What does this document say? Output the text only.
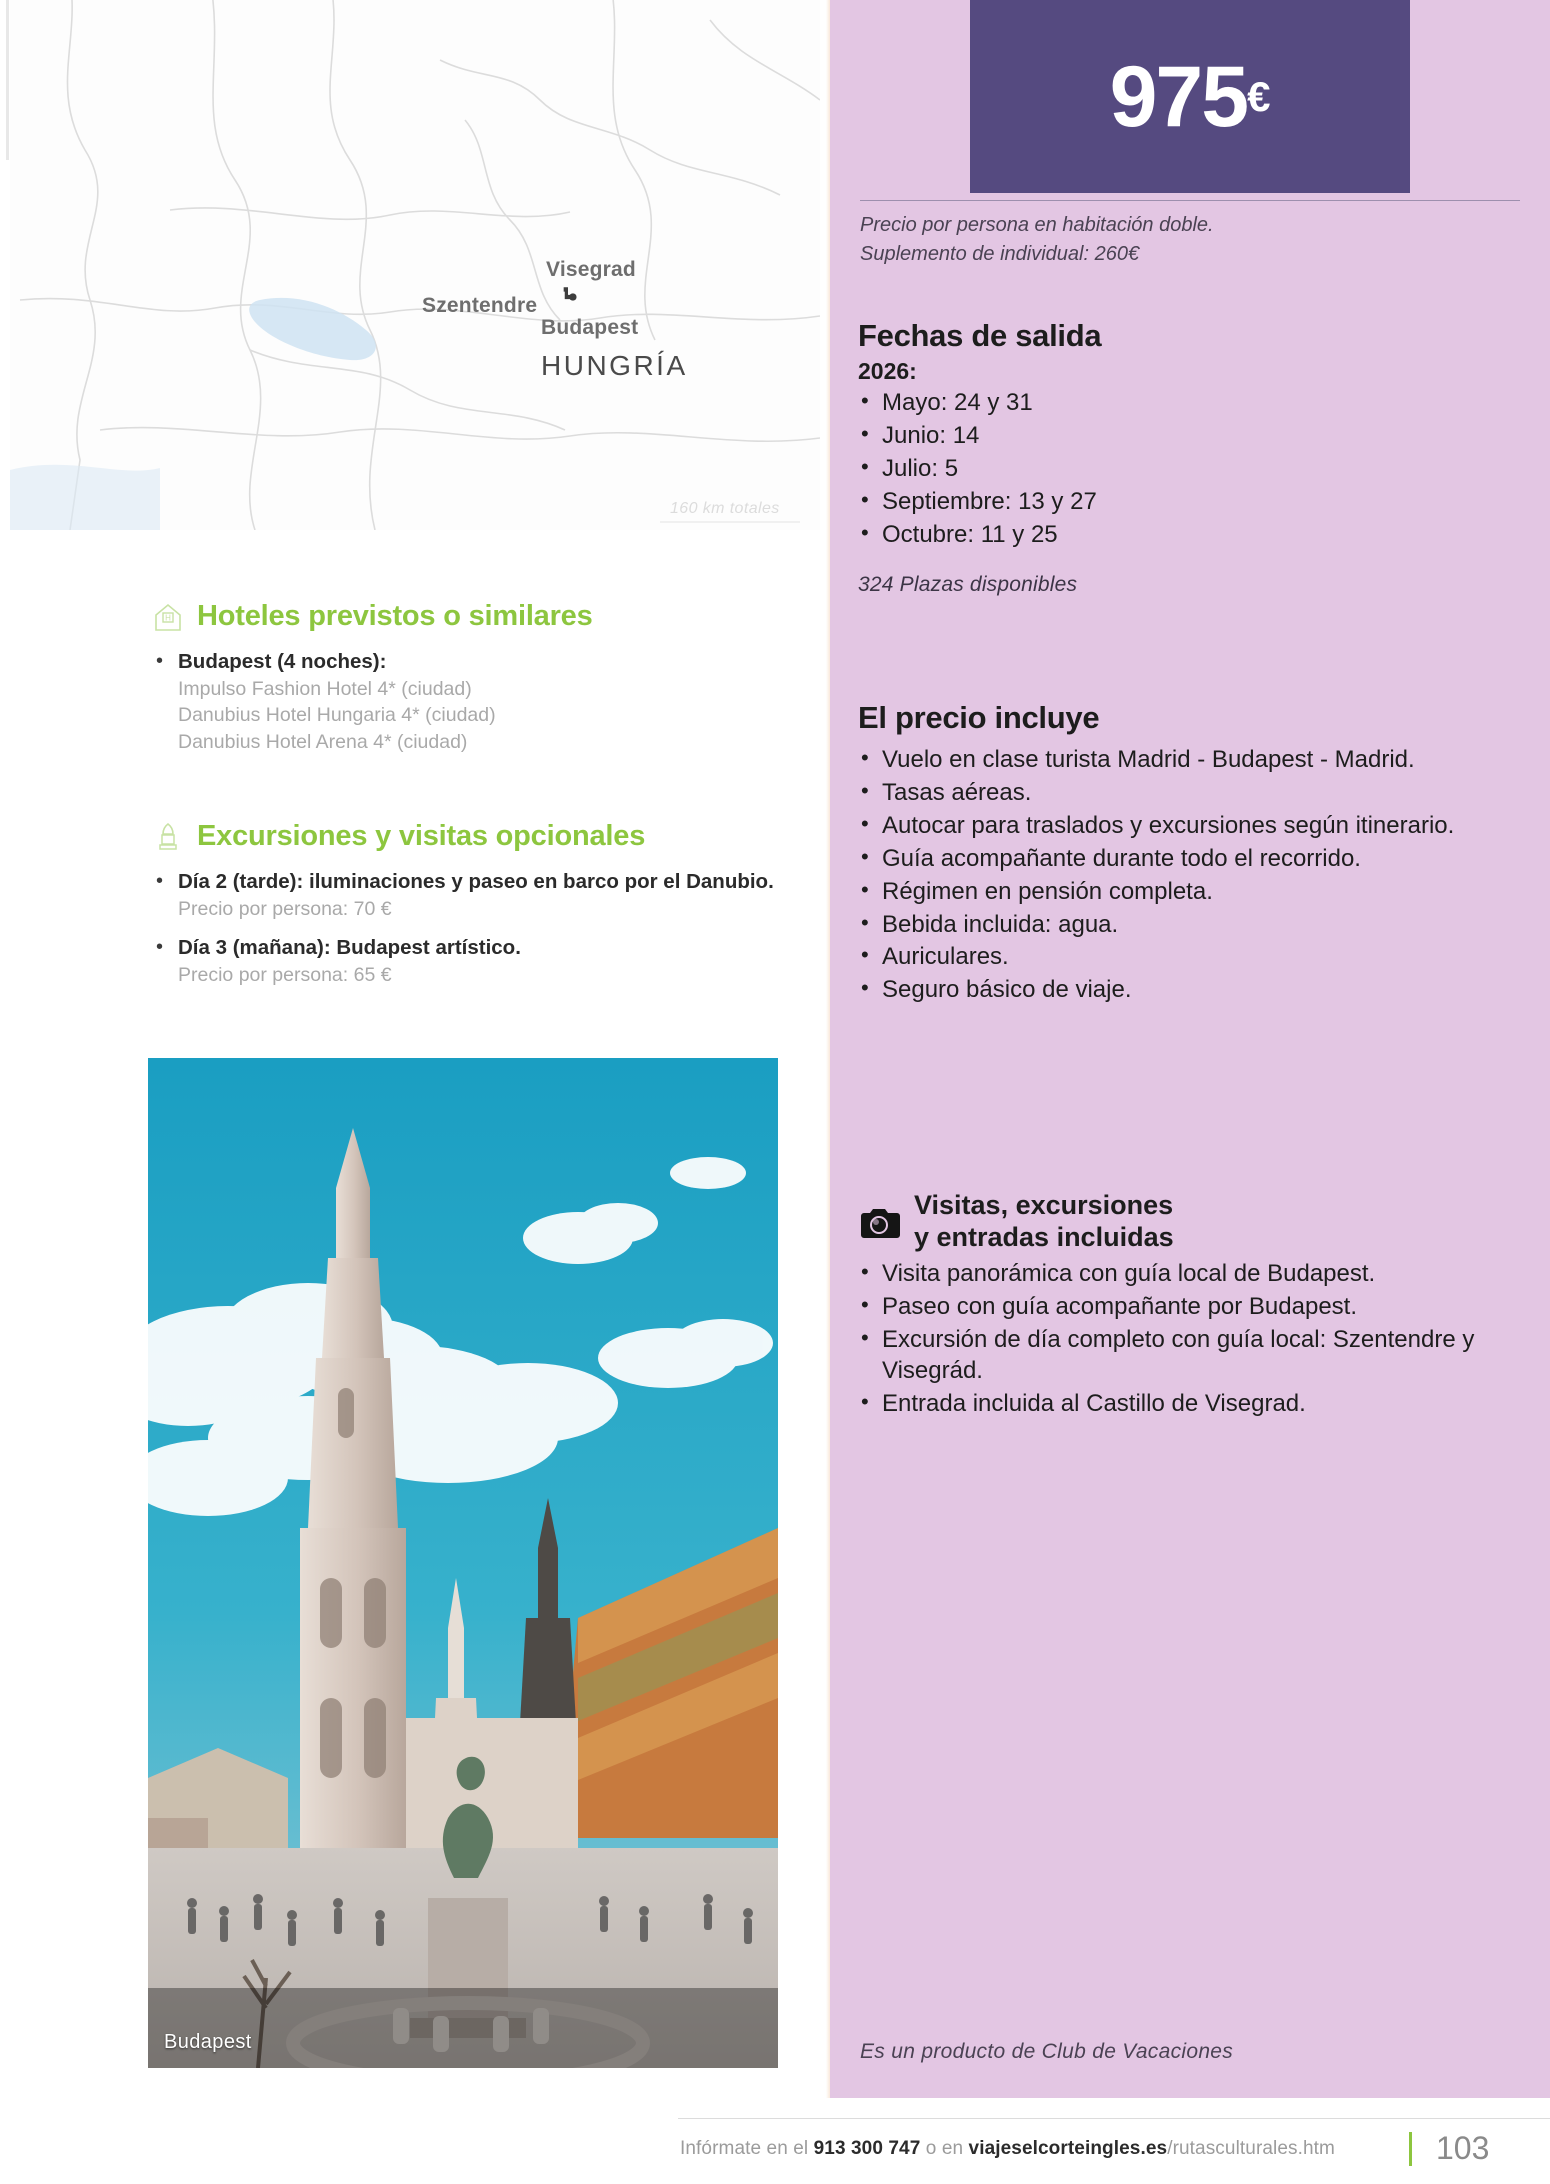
Visegrad
Szentendre
Budapest
HUNGRÍA
160 km totales
H Hoteles previstos o similares
• Budapest (4 noches):
Impulso Fashion Hotel 4* (ciudad)
Danubius Hotel Hungaria 4* (ciudad)
Danubius Hotel Arena 4* (ciudad)
Excursiones y visitas opcionales
• Día 2 (tarde): iluminaciones y paseo en barco por el Danubio.
Precio por persona: 70 €
• Día 3 (mañana): Budapest artístico.
Precio por persona: 65 €
Budapest
975 €
Precio por persona en habitación doble.
Suplemento de individual: 260€
Fechas de salida
2026:
• Mayo: 24 y 31
• Junio: 14
• Julio: 5
• Septiembre: 13 y 27
• Octubre: 11 y 25
324 Plazas disponibles
El precio incluye
• Vuelo en clase turista Madrid - Budapest - Madrid.
• Tasas aéreas.
• Autocar para traslados y excursiones según itinerario.
• Guía acompañante durante todo el recorrido.
• Régimen en pensión completa.
• Bebida incluida: agua.
• Auriculares.
• Seguro básico de viaje.
Visitas, excursiones
y entradas incluidas
• Visita panorámica con guía local de Budapest.
• Paseo con guía acompañante por Budapest.
• Excursión de día completo con guía local: Szentendre y Visegrád.
• Entrada incluida al Castillo de Visegrad.
Es un producto de Club de Vacaciones
Infórmate en el 913 300 747 o en viajeselcorteingles.es/rutasculturales.htm	103
